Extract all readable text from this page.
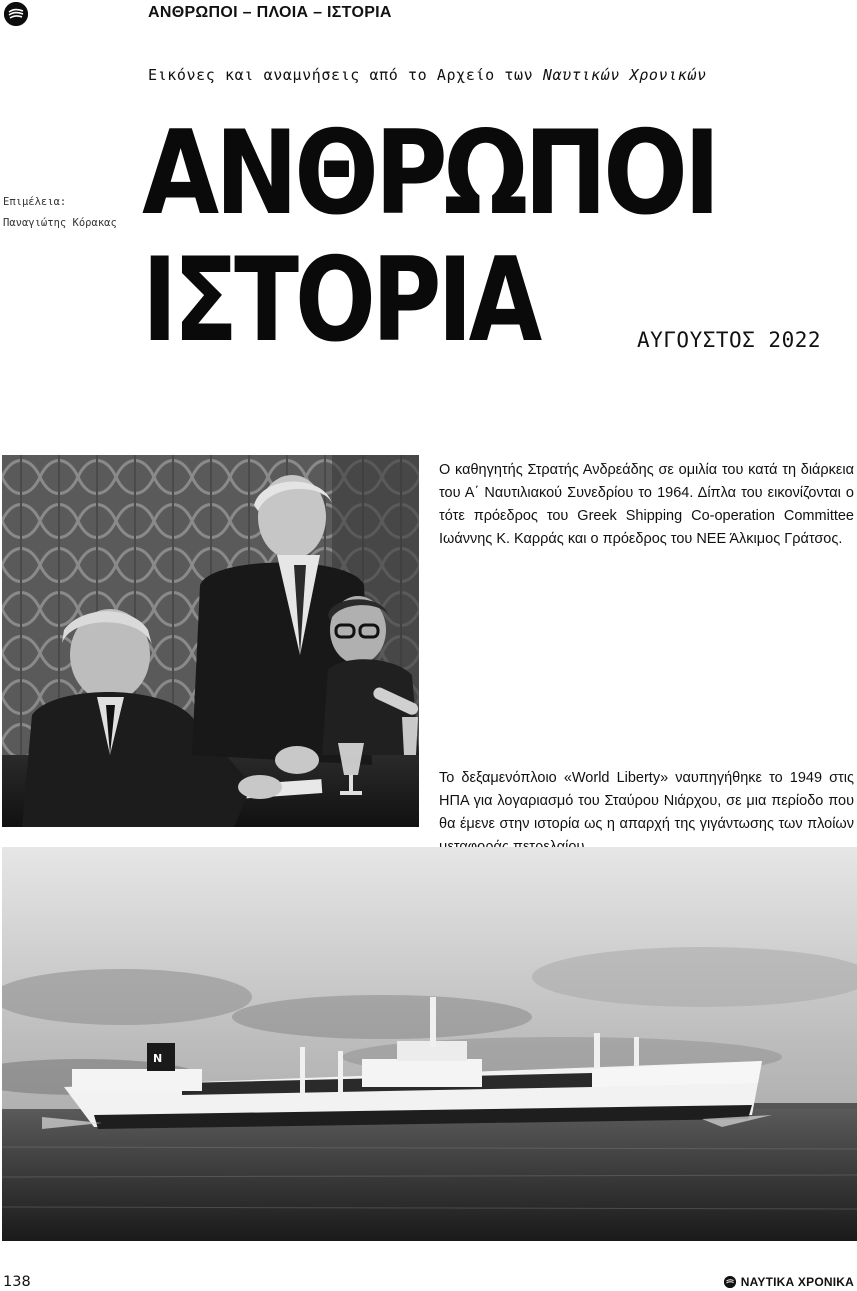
ΑΝΘΡΩΠΟΙ – ΠΛΟΙΑ – ΙΣΤΟΡΙΑ
Εικόνες και αναμνήσεις από το Αρχείο των Ναυτικών Χρονικών
Επιμέλεια:
Παναγιώτης Κόρακας ΑΝΘΡΩΠΟΙ
ΙΣΤΟΡΙΑ	ΑΥΓΟΥΣΤΟΣ 2022
Ο καθηγητής Στρατής Ανδρεάδης σε ομιλία του κατά τη διάρκεια του Α΄ Ναυτιλιακού Συνεδρίου το 1964. Δίπλα του εικονίζονται ο τότε πρόεδρος του Greek Shipping Co-operation Committee Ιωάννης Κ. Καρράς και ο πρόεδρος του ΝΕΕ Άλκιμος Γράτσος.
Το δεξαμενόπλοιο «World Liberty» ναυπηγήθηκε το 1949 στις ΗΠΑ για λογαριασμό του Σταύρου Νιάρχου, σε μια περίοδο που θα έμενε στην ιστορία ως η απαρχή της γιγάντωσης των πλοίων
N
138	ΝΑΥΤΙΚΑ ΧΡΟΝΙΚΑ
